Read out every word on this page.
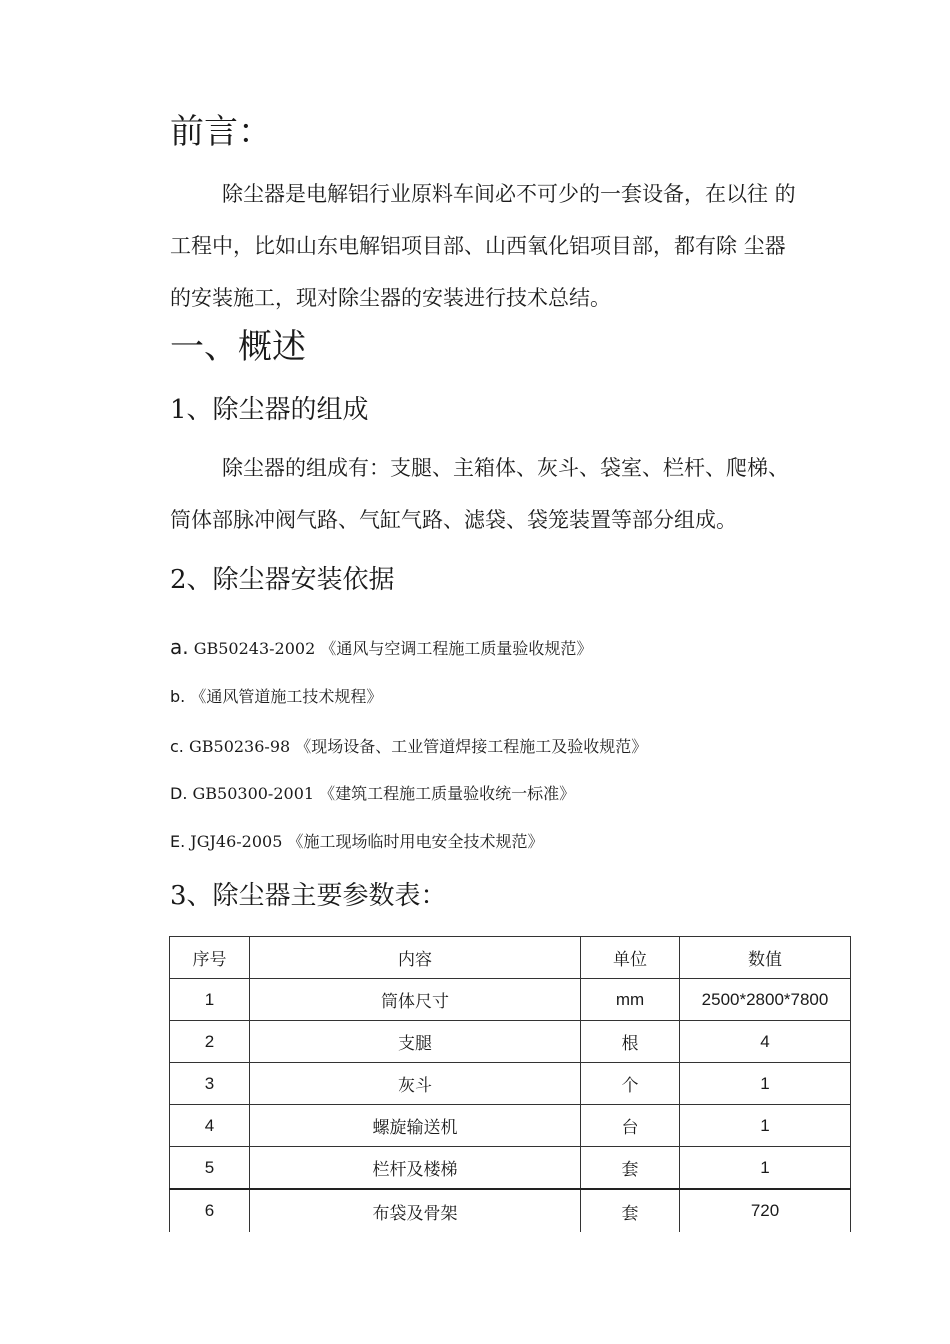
前言：
除尘器是电解铝行业原料车间必不可少的一套设备，在以往 的
工程中，比如山东电解铝项目部、山西氧化铝项目部，都有除 尘器
的安装施工，现对除尘器的安装进行技术总结。
一、概述
1、除尘器的组成
除尘器的组成有：支腿、主箱体、灰斗、袋室、栏杆、爬梯、
筒体部脉冲阀气路、气缸气路、滤袋、袋笼装置等部分组成。
2、除尘器安装依据
a. GB50243-2002 《通风与空调工程施工质量验收规范》
b. 《通风管道施工技术规程》
c. GB50236-98 《现场设备、工业管道焊接工程施工及验收规范》
D. GB50300-2001 《建筑工程施工质量验收统一标准》
E. JGJ46-2005 《施工现场临时用电安全技术规范》
3、除尘器主要参数表：
序号	内容	单位	数值
1	筒体尺寸	mm	2500*2800*7800
2	支腿	根	4
3	灰斗	个	1
4	螺旋输送机	台	1
5	栏杆及楼梯	套	1
6	布袋及骨架	套	720
